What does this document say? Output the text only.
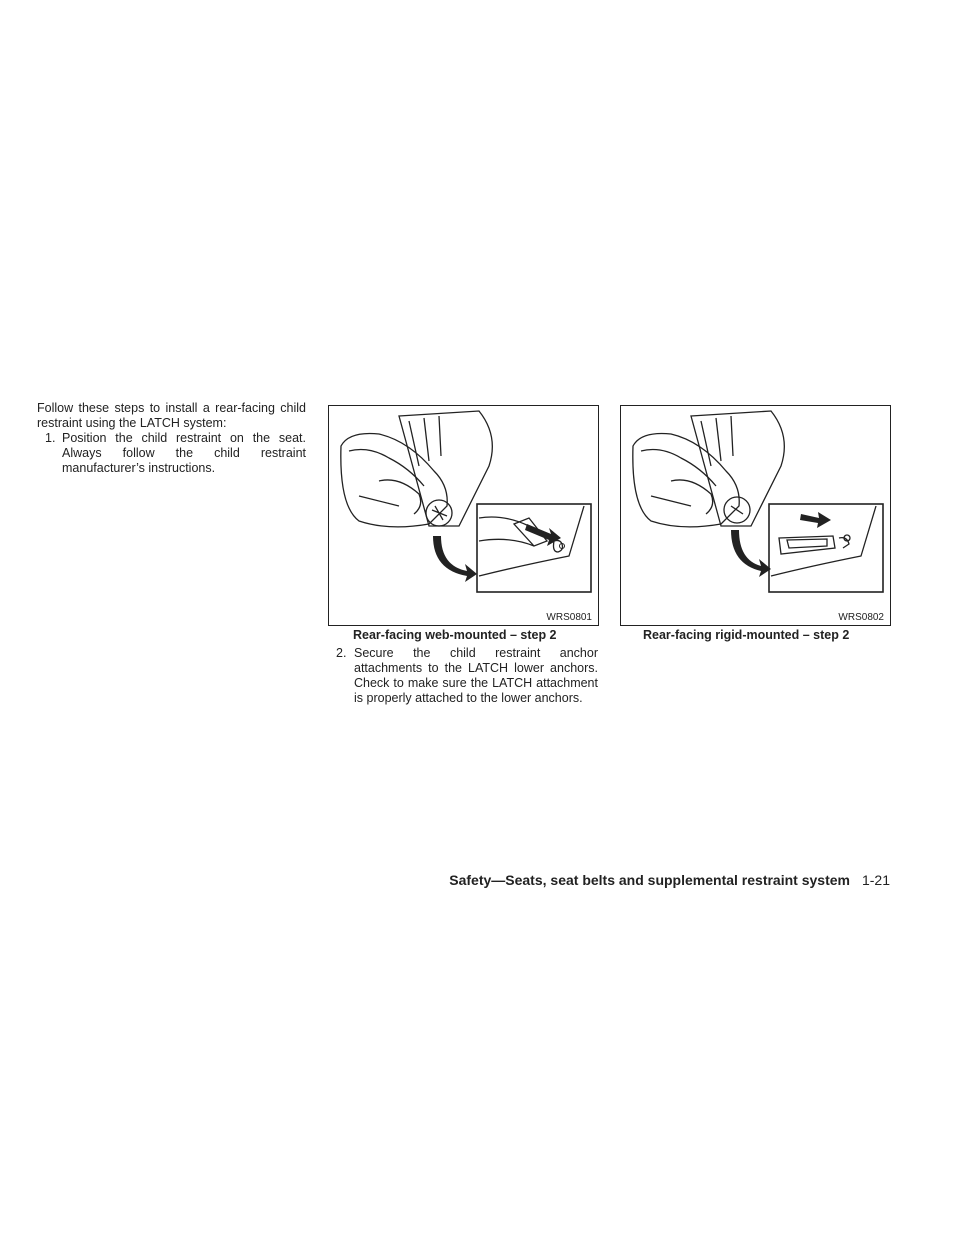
Follow these steps to install a rear-facing child restraint using the LATCH system:

1. Position the child restraint on the seat. Always follow the child restraint manufacturer’s instructions.
WRS0801
Rear-facing web-mounted – step 2
WRS0802
Rear-facing rigid-mounted – step 2
2. Secure the child restraint anchor attachments to the LATCH lower anchors. Check to make sure the LATCH attachment is properly attached to the lower anchors.
Safety—Seats, seat belts and supplemental restraint system 1-21
